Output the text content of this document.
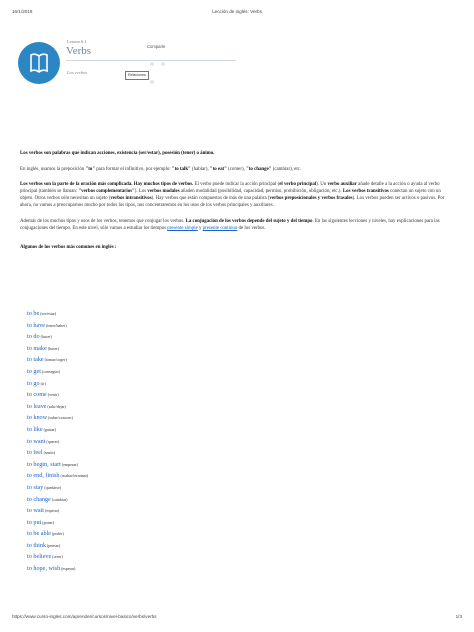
16/1/2018	Lección de inglés: Verbs
Lesson 6.1
Verbs
Los verbos
Comparte
Relaciones

Los verbos son palabras que indican acciones, existencia (ser/estar), posesión (tener) o ánimo.

En inglés, usamos la preposición "to" para formar el infinitivo, por ejemplo: "to talk" (hablar), "to eat" (comer), "to change" (cambiar), etc.

Los verbos son la parte de la oración más complicada. Hay muchos tipos de verbos. El verbo puede indicar la acción principal (el verbo principal). Un verbo auxiliar añade detalle a la acción o ayuda al verbo principal (también se llaman: "verbos complementarios"). Los verbos modales añaden modalidad (posibilidad, capacidad, permiso, prohibición, obligación, etc.). Los verbos transitivos conectan un sujeto con un objeto. Otros verbos sólo necesitan un sujeto (verbos intransitivos). Hay verbos que están compuestos de más de una palabra (verbos preposicionales y verbos frasales). Los verbos pueden ser activos o pasivos. Por ahora, no vamos a preocuparnos mucho por todos los tipos, nos concentraremos en los usos de los verbos principales y auxiliares.

Además de los muchos tipos y usos de los verbos, tenemos que conjugar los verbos. La conjugación de los verbos depende del sujeto y del tiempo. En las siguientes lecciones y niveles, hay explicaciones para las conjugaciones del tiempo. En este nivel, sólo vamos a estudiar los tiempos presente simple y presente continuo de los verbos.

Algunos de los verbos más comunes en inglés :
to be (ser/estar)
to have (tener/haber)
to do (hacer)
to make (hacer)
to take (tomar/coger)
to get (conseguir)
to go (ir)
to come (venir)
to leave (salir/dejar)
to know (saber/conocer)
to like (gustar)
to want (querer)
to feel (sentir)
to begin, start (empezar)
to end, finish (acabar/terminar)
to stay (quedarse)
to change (cambiar)
to wait (esperar)
to put (poner)
to be able (poder)
to think (pensar)
to believe (creer)
to hope, wish (esperar)
https://www.curso-ingles.com/aprender/cursos/nivel-basico/verbs/verbs	1/3
